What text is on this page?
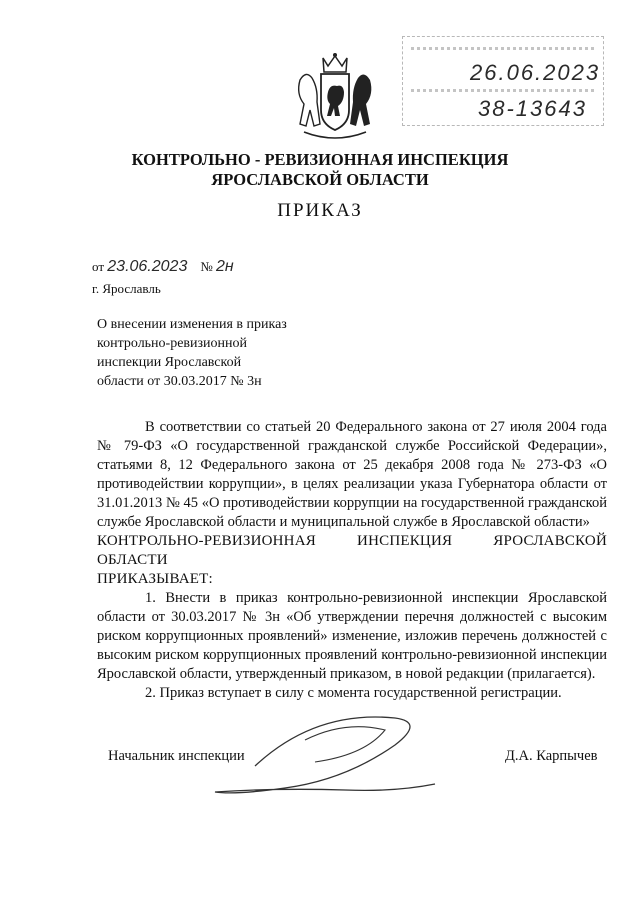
26.06.2023
38-13643
КОНТРОЛЬНО - РЕВИЗИОННАЯ ИНСПЕКЦИЯ
ЯРОСЛАВСКОЙ ОБЛАСТИ
ПРИКАЗ
от 23.06.2023 № 2н
г. Ярославль
О внесении изменения в приказ
контрольно-ревизионной
инспекции Ярославской
области от 30.03.2017 № 3н

В соответствии со статьей 20 Федерального закона от 27 июля 2004 года № 79-ФЗ «О государственной гражданской службе Российской Федерации», статьями 8, 12 Федерального закона от 25 декабря 2008 года № 273-ФЗ «О противодействии коррупции», в целях реализации указа Губернатора области от 31.01.2013 № 45 «О противодействии коррупции на государственной гражданской службе Ярославской области и муниципальной службе в Ярославской области»

КОНТРОЛЬНО-РЕВИЗИОННАЯ ИНСПЕКЦИЯ ЯРОСЛАВСКОЙ ОБЛАСТИ

ПРИКАЗЫВАЕТ:

1. Внести в приказ контрольно-ревизионной инспекции Ярославской области от 30.03.2017 № 3н «Об утверждении перечня должностей с высоким риском коррупционных проявлений» изменение, изложив перечень должностей с высоким риском коррупционных проявлений контрольно-ревизионной инспекции Ярославской области, утвержденный приказом, в новой редакции (прилагается).

2. Приказ вступает в силу с момента государственной регистрации.

Начальник инспекции	Д.А. Карпычев
